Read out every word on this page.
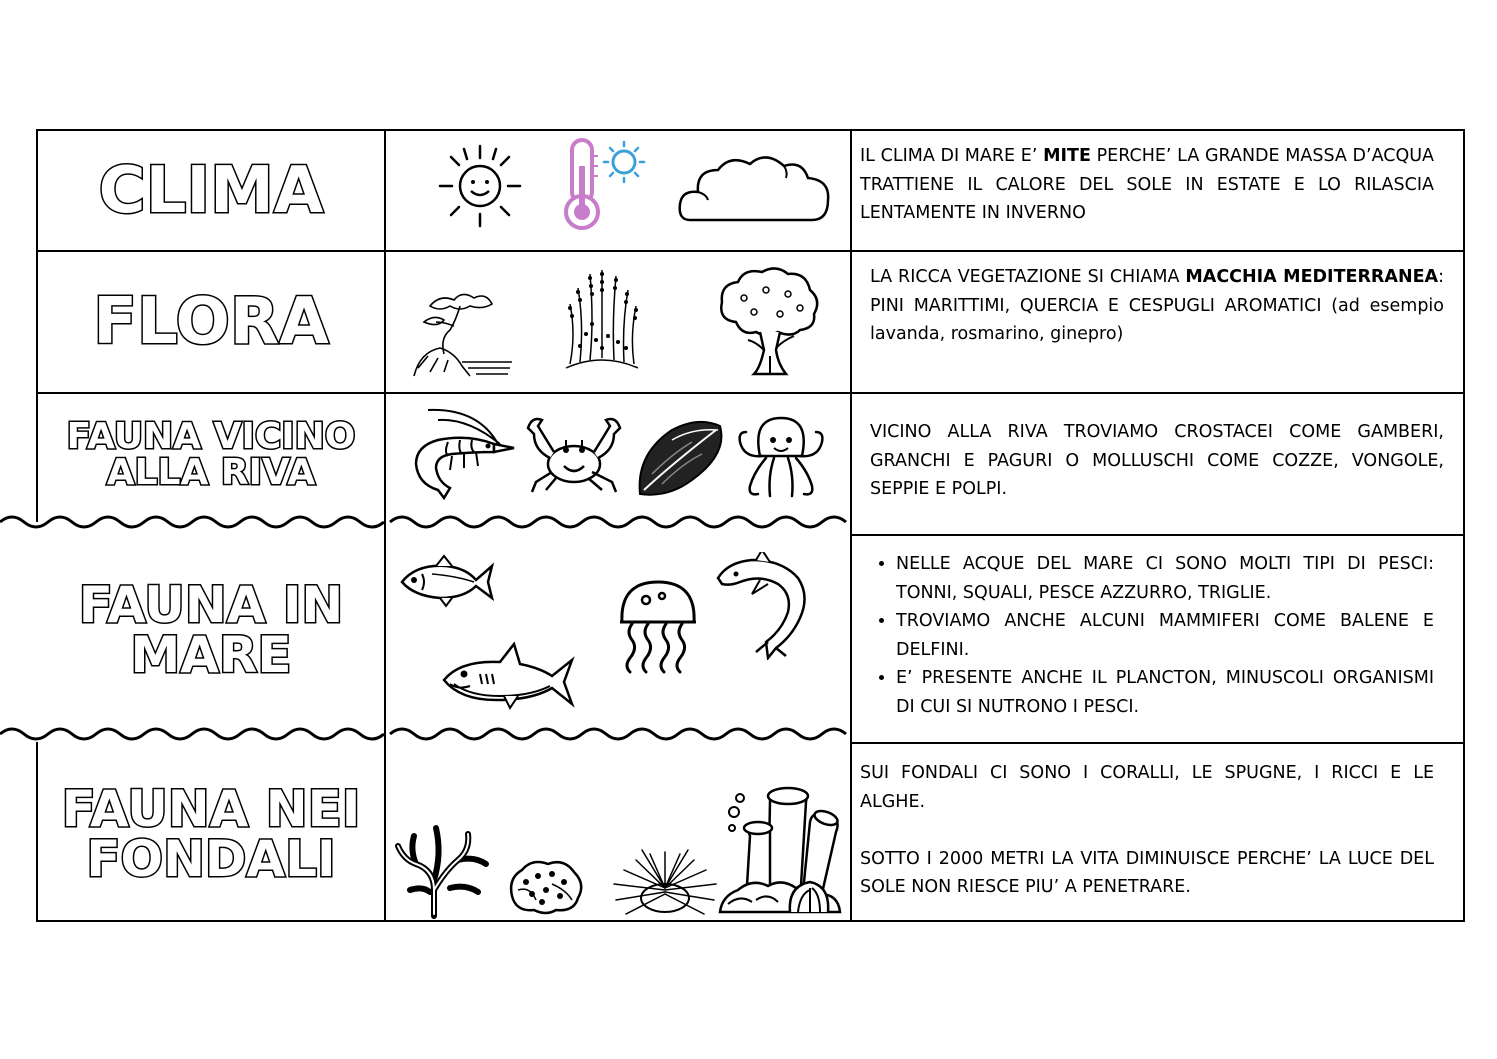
CLIMA
FLORA
FAUNA VICINO
ALLA RIVA
FAUNA IN
MARE
FAUNA NEI
FONDALI
IL CLIMA DI MARE E’ MITE PERCHE’ LA GRANDE MASSA D’ACQUA TRATTIENE IL CALORE DEL SOLE IN ESTATE E LO RILASCIA LENTAMENTE IN INVERNO
LA RICCA VEGETAZIONE SI CHIAMA MACCHIA MEDITERRANEA: PINI MARITTIMI, QUERCIA E CESPUGLI AROMATICI (ad esempio lavanda, rosmarino, ginepro)
VICINO ALLA RIVA TROVIAMO CROSTACEI COME GAMBERI, GRANCHI E PAGURI O MOLLUSCHI COME COZZE, VONGOLE, SEPPIE E POLPI.
• NELLE ACQUE DEL MARE CI SONO MOLTI TIPI DI PESCI: TONNI, SQUALI, PESCE AZZURRO, TRIGLIE.
• TROVIAMO ANCHE ALCUNI MAMMIFERI COME BALENE E DELFINI.
• E’ PRESENTE ANCHE IL PLANCTON, MINUSCOLI ORGANISMI DI CUI SI NUTRONO I PESCI.
SUI FONDALI CI SONO I CORALLI, LE SPUGNE, I RICCI E LE ALGHE.
SOTTO I 2000 METRI LA VITA DIMINUISCE PERCHE’ LA LUCE DEL SOLE NON RIESCE PIU’ A PENETRARE.
